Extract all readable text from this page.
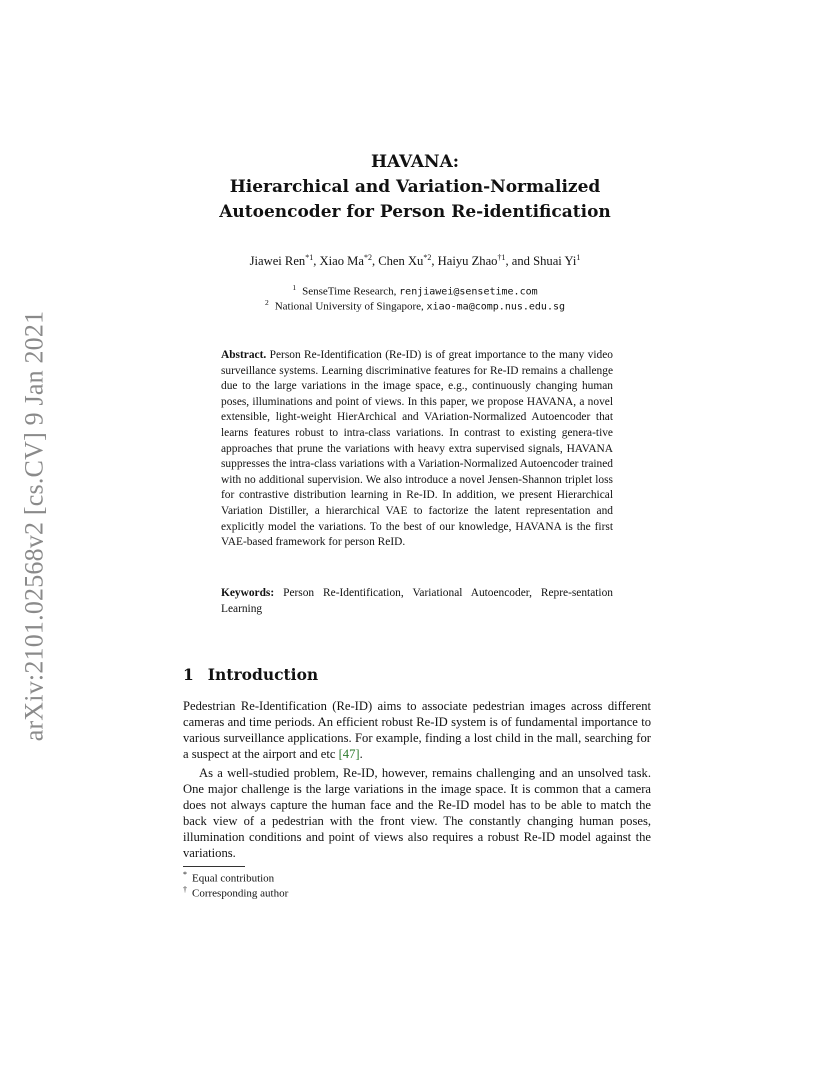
arXiv:2101.02568v2 [cs.CV] 9 Jan 2021
HAVANA:
Hierarchical and Variation-Normalized
Autoencoder for Person Re-identification
Jiawei Ren$^{*1}$, Xiao Ma$^{*2}$, Chen Xu$^{*2}$, Haiyu Zhao$^{\dagger 1}$, and Shuai Yi$^1$
$^1$ SenseTime Research, renjiawei@sensetime.com
$^2$ National University of Singapore, xiao-ma@comp.nus.edu.sg
Abstract. Person Re-Identification (Re-ID) is of great importance to the many video surveillance systems. Learning discriminative features for Re-ID remains a challenge due to the large variations in the image space, e.g., continuously changing human poses, illuminations and point of views. In this paper, we propose HAVANA, a novel extensible, light-weight HierArchical and VAriation-Normalized Autoencoder that learns features robust to intra-class variations. In contrast to existing genera-tive approaches that prune the variations with heavy extra supervised signals, HAVANA suppresses the intra-class variations with a Variation-Normalized Autoencoder trained with no additional supervision. We also introduce a novel Jensen-Shannon triplet loss for contrastive distribution learning in Re-ID. In addition, we present Hierarchical Variation Distiller, a hierarchical VAE to factorize the latent representation and explicitly model the variations. To the best of our knowledge, HAVANA is the first VAE-based framework for person ReID.
Keywords: Person Re-Identification, Variational Autoencoder, Repre-sentation Learning
1 Introduction
Pedestrian Re-Identification (Re-ID) aims to associate pedestrian images across different cameras and time periods. An efficient robust Re-ID system is of fundamental importance to various surveillance applications. For example, finding a lost child in the mall, searching for a suspect at the airport and etc [47].
As a well-studied problem, Re-ID, however, remains challenging and an unsolved task. One major challenge is the large variations in the image space. It is common that a camera does not always capture the human face and the Re-ID model has to be able to match the back view of a pedestrian with the front view. The constantly changing human poses, illumination conditions and point of views also requires a robust Re-ID model against the variations.
* Equal contribution
† Corresponding author
